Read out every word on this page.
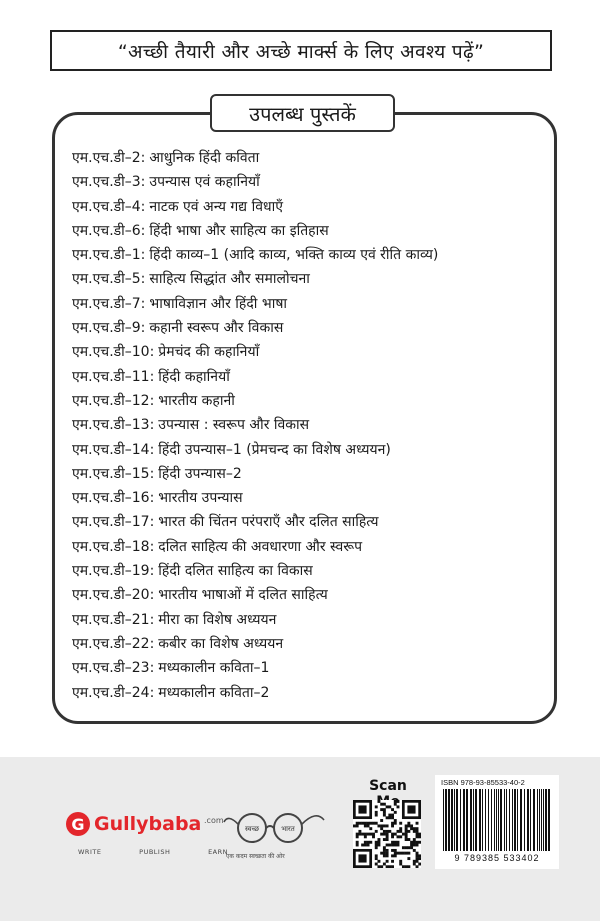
“अच्छी तैयारी और अच्छे मार्क्स के लिए अवश्य पढ़ें”
उपलब्ध पुस्तकें
एम.एच.डी–2: आधुनिक हिंदी कविता
एम.एच.डी–3: उपन्यास एवं कहानियाँ
एम.एच.डी–4: नाटक एवं अन्य गद्य विधाएँ
एम.एच.डी–6: हिंदी भाषा और साहित्य का इतिहास
एम.एच.डी–1: हिंदी काव्य–1 (आदि काव्य, भक्ति काव्य एवं रीति काव्य)
एम.एच.डी–5: साहित्य सिद्धांत और समालोचना
एम.एच.डी–7: भाषाविज्ञान और हिंदी भाषा
एम.एच.डी–9: कहानी स्वरूप और विकास
एम.एच.डी–10: प्रेमचंद की कहानियाँ
एम.एच.डी–11: हिंदी कहानियाँ
एम.एच.डी–12: भारतीय कहानी
एम.एच.डी–13: उपन्यास : स्वरूप और विकास
एम.एच.डी–14: हिंदी उपन्यास–1 (प्रेमचन्द का विशेष अध्ययन)
एम.एच.डी–15: हिंदी उपन्यास–2
एम.एच.डी–16: भारतीय उपन्यास
एम.एच.डी–17: भारत की चिंतन परंपराएँ और दलित साहित्य
एम.एच.डी–18: दलित साहित्य की अवधारणा और स्वरूप
एम.एच.डी–19: हिंदी दलित साहित्य का विकास
एम.एच.डी–20: भारतीय भाषाओं में दलित साहित्य
एम.एच.डी–21: मीरा का विशेष अध्ययन
एम.एच.डी–22: कबीर का विशेष अध्ययन
एम.एच.डी–23: मध्यकालीन कविता–1
एम.एच.डी–24: मध्यकालीन कविता–2
G Gullybaba .com
WRITE	PUBLISH	EARN
स्वच्छ	भारत
एक कदम स्वच्छता की ओर
Scan	ISBN 978-93-85533-40-2
9 789385 533402
